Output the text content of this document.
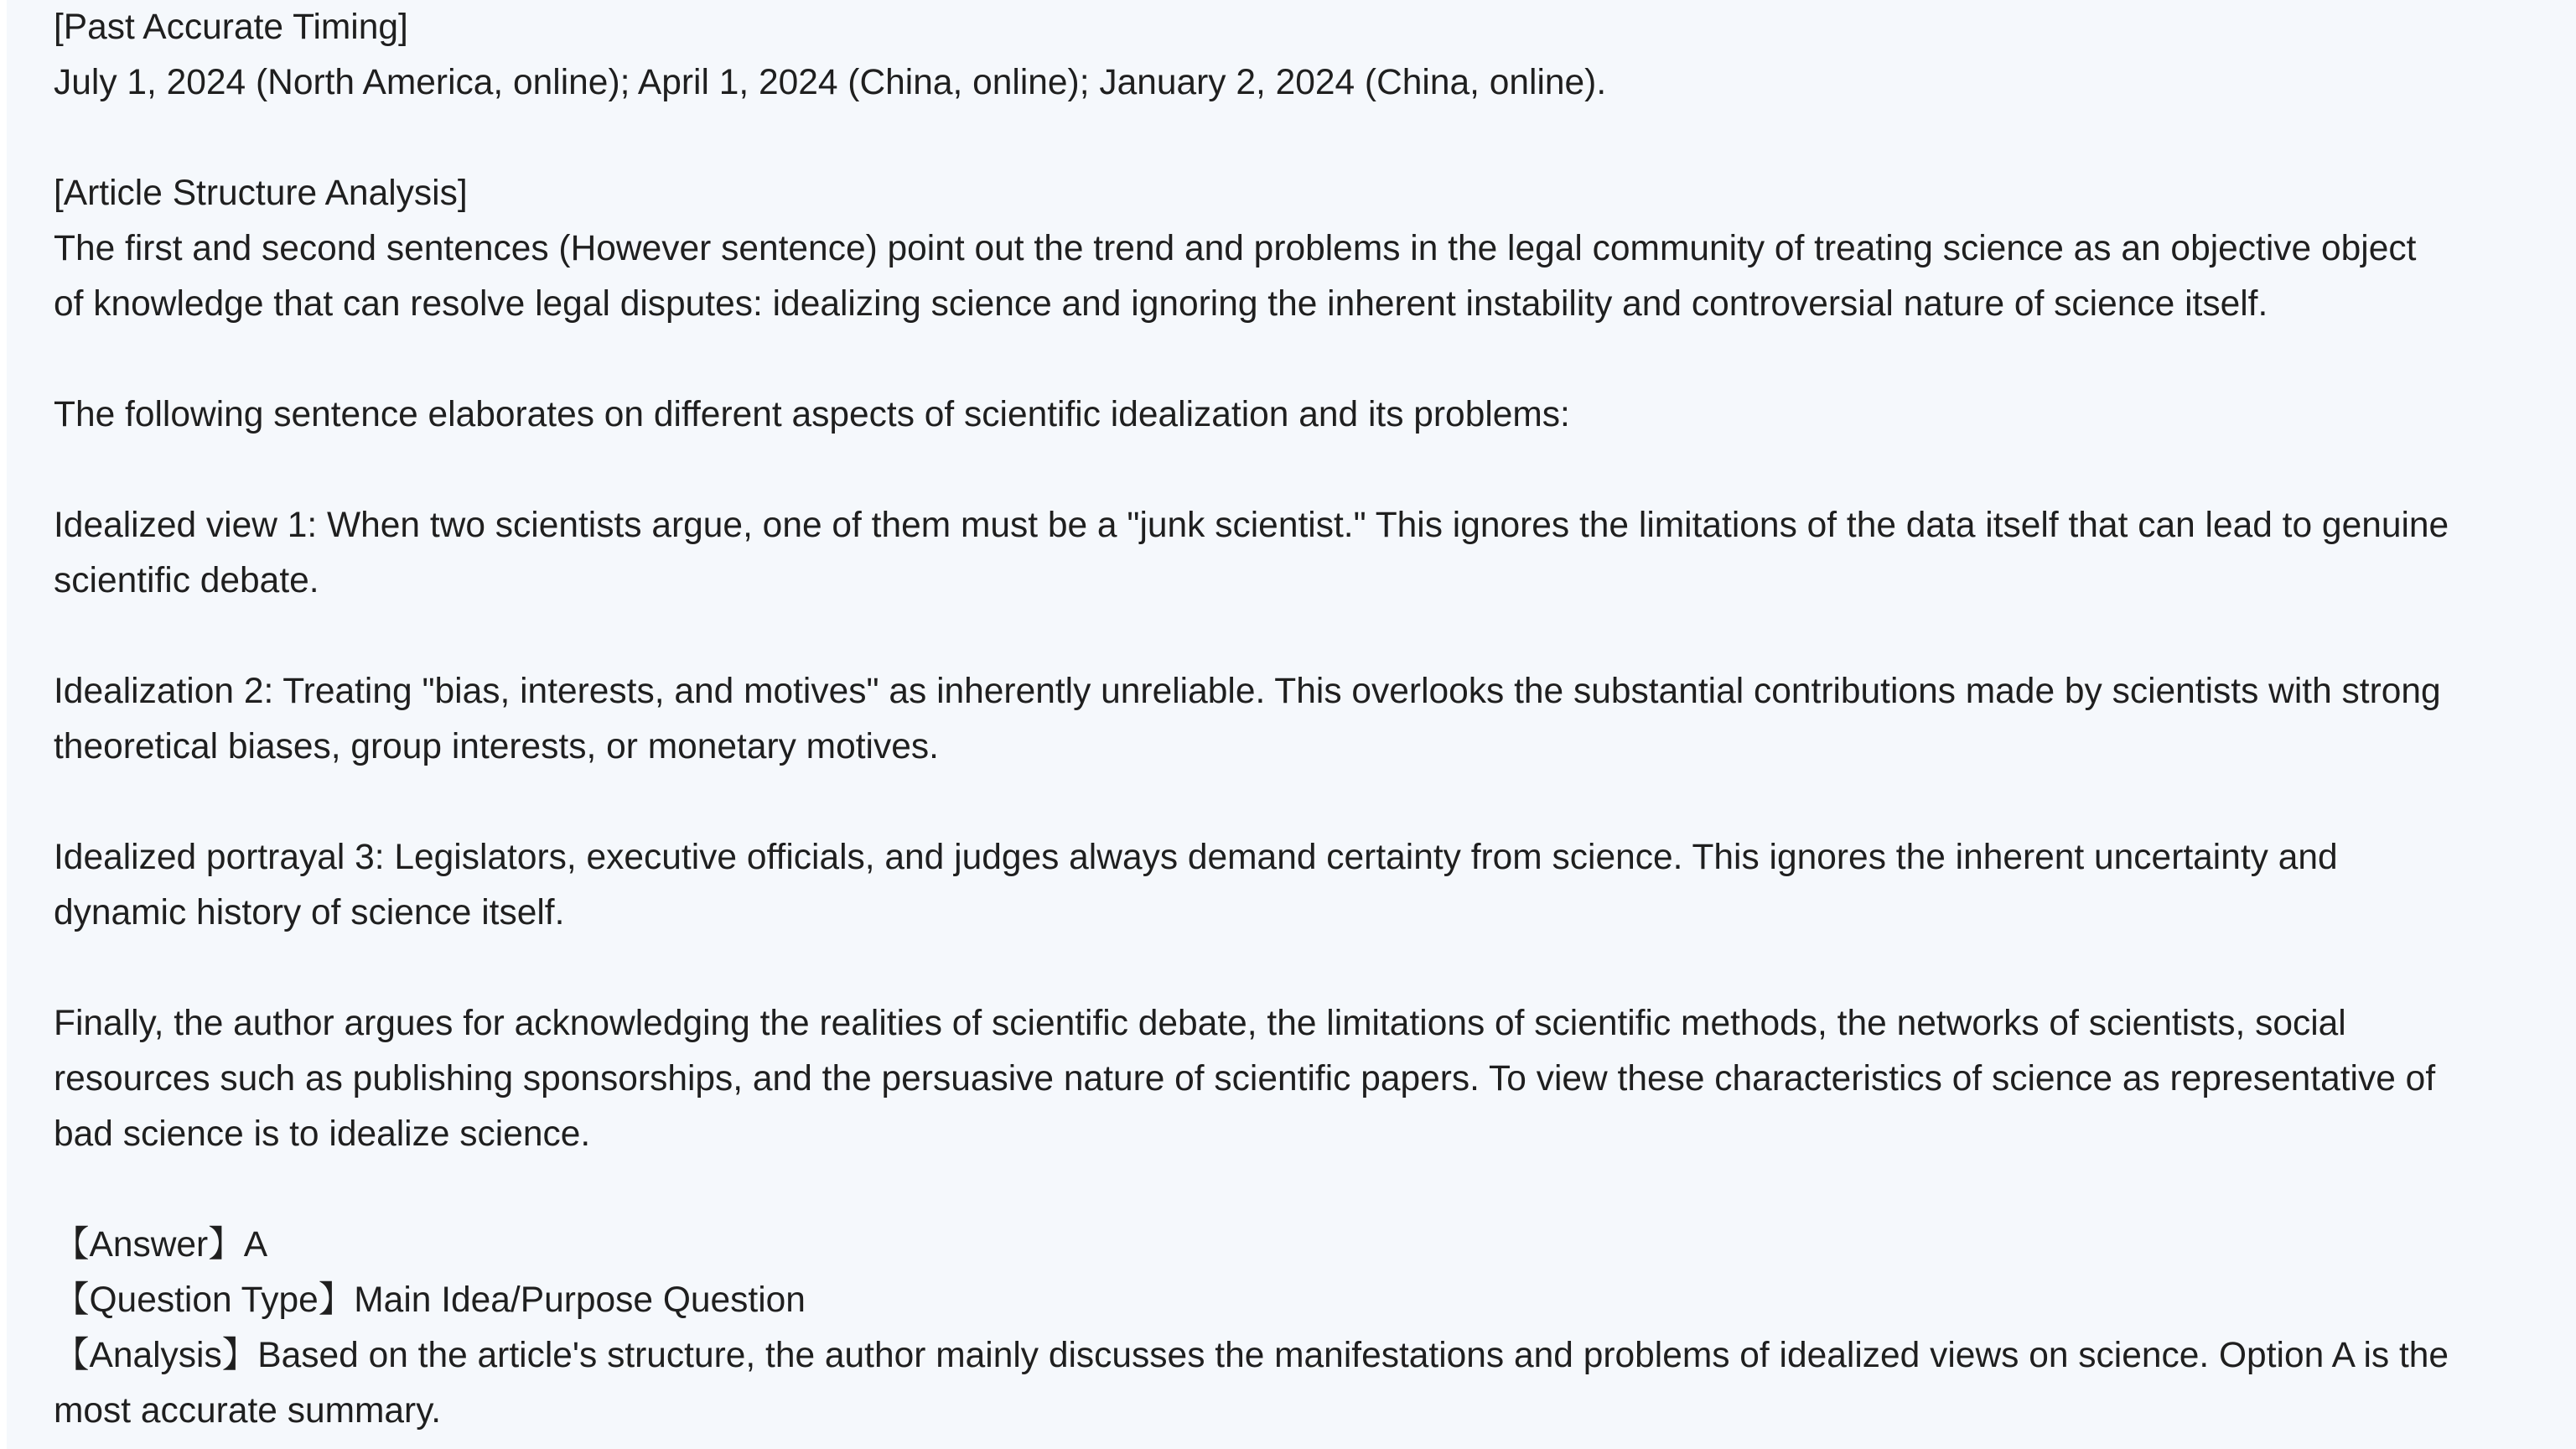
[Past Accurate Timing]
July 1, 2024 (North America, online); April 1, 2024 (China, online); January 2, 2024 (China, online).
[Article Structure Analysis]
The first and second sentences (However sentence) point out the trend and problems in the legal community of treating science as an objective object
of knowledge that can resolve legal disputes: idealizing science and ignoring the inherent instability and controversial nature of science itself.
The following sentence elaborates on different aspects of scientific idealization and its problems:
Idealized view 1: When two scientists argue, one of them must be a "junk scientist." This ignores the limitations of the data itself that can lead to genuine
scientific debate.
Idealization 2: Treating "bias, interests, and motives" as inherently unreliable. This overlooks the substantial contributions made by scientists with strong
theoretical biases, group interests, or monetary motives.
Idealized portrayal 3: Legislators, executive officials, and judges always demand certainty from science. This ignores the inherent uncertainty and
dynamic history of science itself.
Finally, the author argues for acknowledging the realities of scientific debate, the limitations of scientific methods, the networks of scientists, social
resources such as publishing sponsorships, and the persuasive nature of scientific papers. To view these characteristics of science as representative of
bad science is to idealize science.
【Answer】A
【Question Type】Main Idea/Purpose Question
【Analysis】Based on the article's structure, the author mainly discusses the manifestations and problems of idealized views on science. Option A is the
most accurate summary.
